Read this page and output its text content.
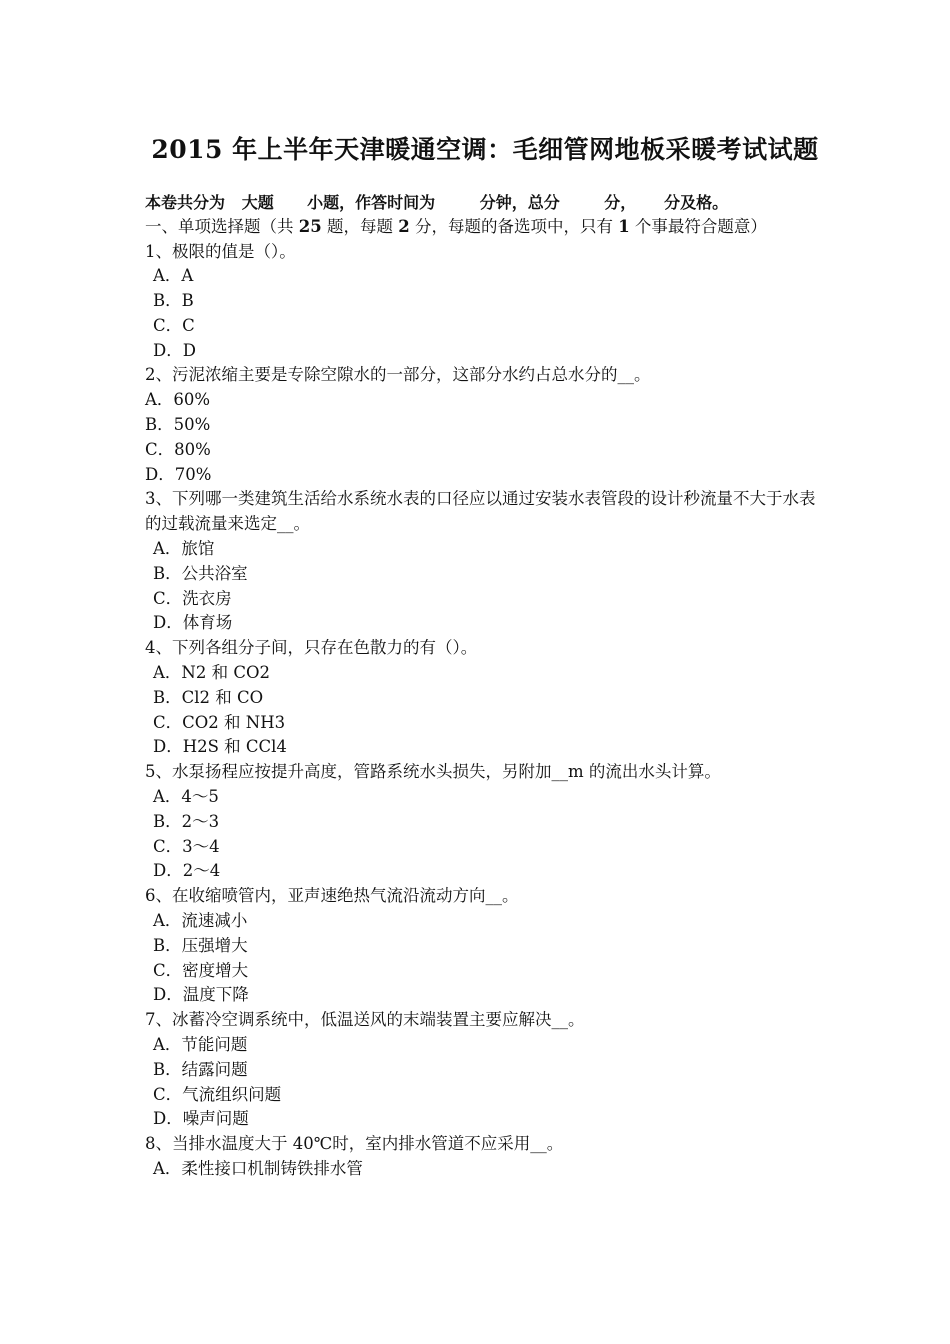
2015 年上半年天津暖通空调：毛细管网地板采暖考试试题

本卷共分为   大题      小题，作答时间为        分钟，总分        分，     分及格。

一、单项选择题（共 25 题，每题 2 分，每题的备选项中，只有 1 个事最符合题意）

1、极限的值是（）。

A．A

B．B

C．C

D．D

2、污泥浓缩主要是专除空隙水的一部分，这部分水约占总水分的__。

A．60%

B．50%

C．80%

D．70%

3、下列哪一类建筑生活给水系统水表的口径应以通过安装水表管段的设计秒流量不大于水表的过载流量来选定__。

A．旅馆

B．公共浴室

C．洗衣房

D．体育场

4、下列各组分子间，只存在色散力的有（）。

A．N2 和 CO2

B．Cl2 和 CO

C．CO2 和 NH3

D．H2S 和 CCl4

5、水泵扬程应按提升高度，管路系统水头损失，另附加__m 的流出水头计算。

A．4～5

B．2～3

C．3～4

D．2～4

6、在收缩喷管内，亚声速绝热气流沿流动方向__。

A．流速减小

B．压强增大

C．密度增大

D．温度下降

7、冰蓄冷空调系统中，低温送风的末端装置主要应解决__。

A．节能问题

B．结露问题

C．气流组织问题

D．噪声问题

8、当排水温度大于 40℃时，室内排水管道不应采用__。

A．柔性接口机制铸铁排水管
